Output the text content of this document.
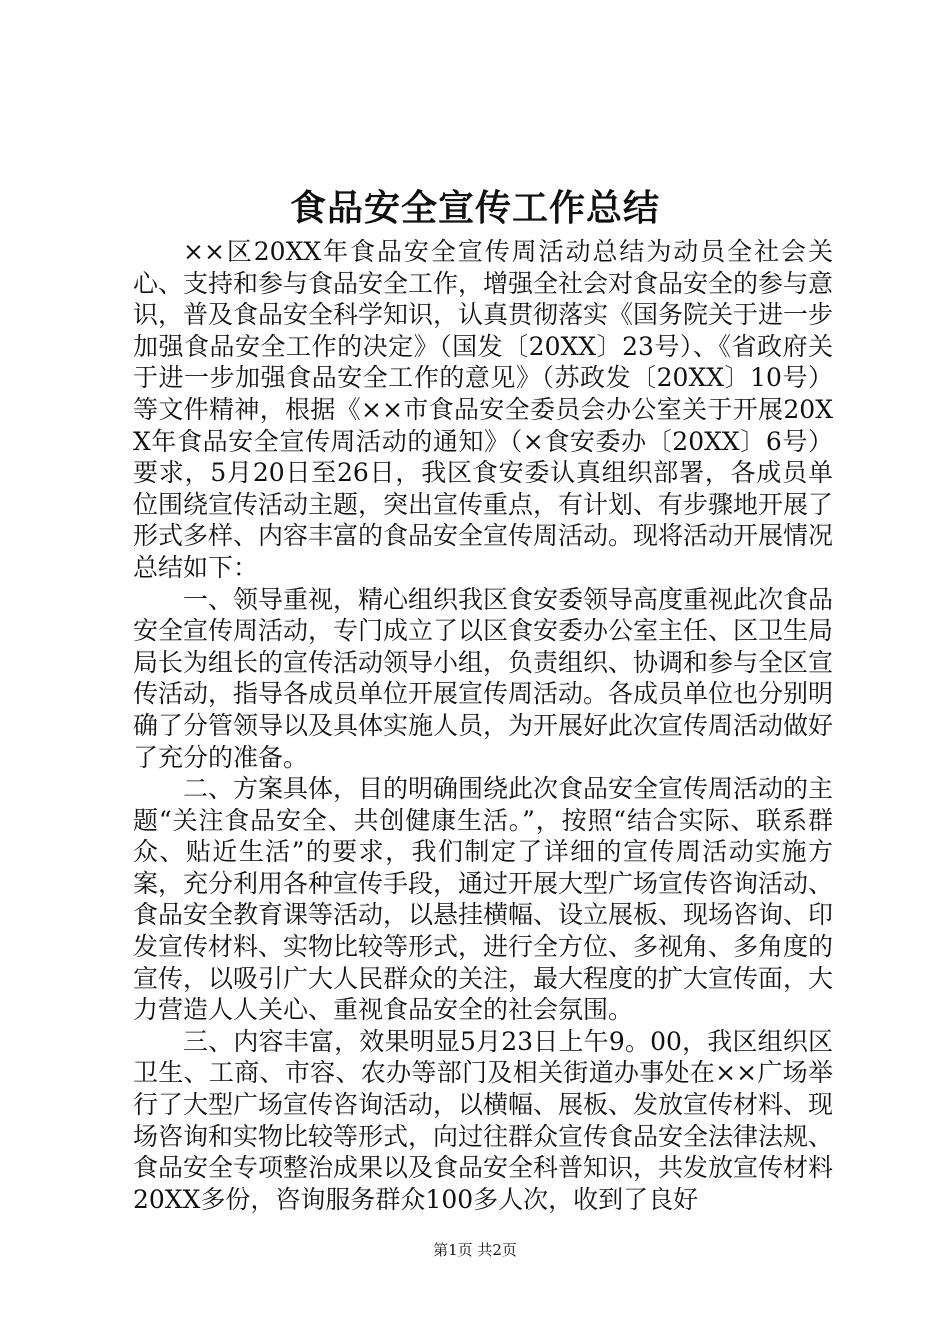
食品安全宣传工作总结

××区20XX年食品安全宣传周活动总结为动员全社会关心、支持和参与食品安全工作，增强全社会对食品安全的参与意识，普及食品安全科学知识，认真贯彻落实《国务院关于进一步加强食品安全工作的决定》（国发〔20XX〕23号）、《省政府关于进一步加强食品安全工作的意见》（苏政发〔20XX〕10号）等文件精神，根据《××市食品安全委员会办公室关于开展20XX年食品安全宣传周活动的通知》（×食安委办〔20XX〕6号）要求，5月20日至26日，我区食安委认真组织部署，各成员单位围绕宣传活动主题，突出宣传重点，有计划、有步骤地开展了形式多样、内容丰富的食品安全宣传周活动。现将活动开展情况总结如下：

一、领导重视，精心组织我区食安委领导高度重视此次食品安全宣传周活动，专门成立了以区食安委办公室主任、区卫生局局长为组长的宣传活动领导小组，负责组织、协调和参与全区宣传活动，指导各成员单位开展宣传周活动。各成员单位也分别明确了分管领导以及具体实施人员，为开展好此次宣传周活动做好了充分的准备。

二、方案具体，目的明确围绕此次食品安全宣传周活动的主题“关注食品安全、共创健康生活。”，按照“结合实际、联系群众、贴近生活”的要求，我们制定了详细的宣传周活动实施方案，充分利用各种宣传手段，通过开展大型广场宣传咨询活动、食品安全教育课等活动，以悬挂横幅、设立展板、现场咨询、印发宣传材料、实物比较等形式，进行全方位、多视角、多角度的宣传，以吸引广大人民群众的关注，最大程度的扩大宣传面，大力营造人人关心、重视食品安全的社会氛围。

三、内容丰富，效果明显5月23日上午9。00，我区组织区卫生、工商、市容、农办等部门及相关街道办事处在××广场举行了大型广场宣传咨询活动，以横幅、展板、发放宣传材料、现场咨询和实物比较等形式，向过往群众宣传食品安全法律法规、食品安全专项整治成果以及食品安全科普知识，共发放宣传材料20XX多份，咨询服务群众100多人次，收到了良好

第1页 共2页
